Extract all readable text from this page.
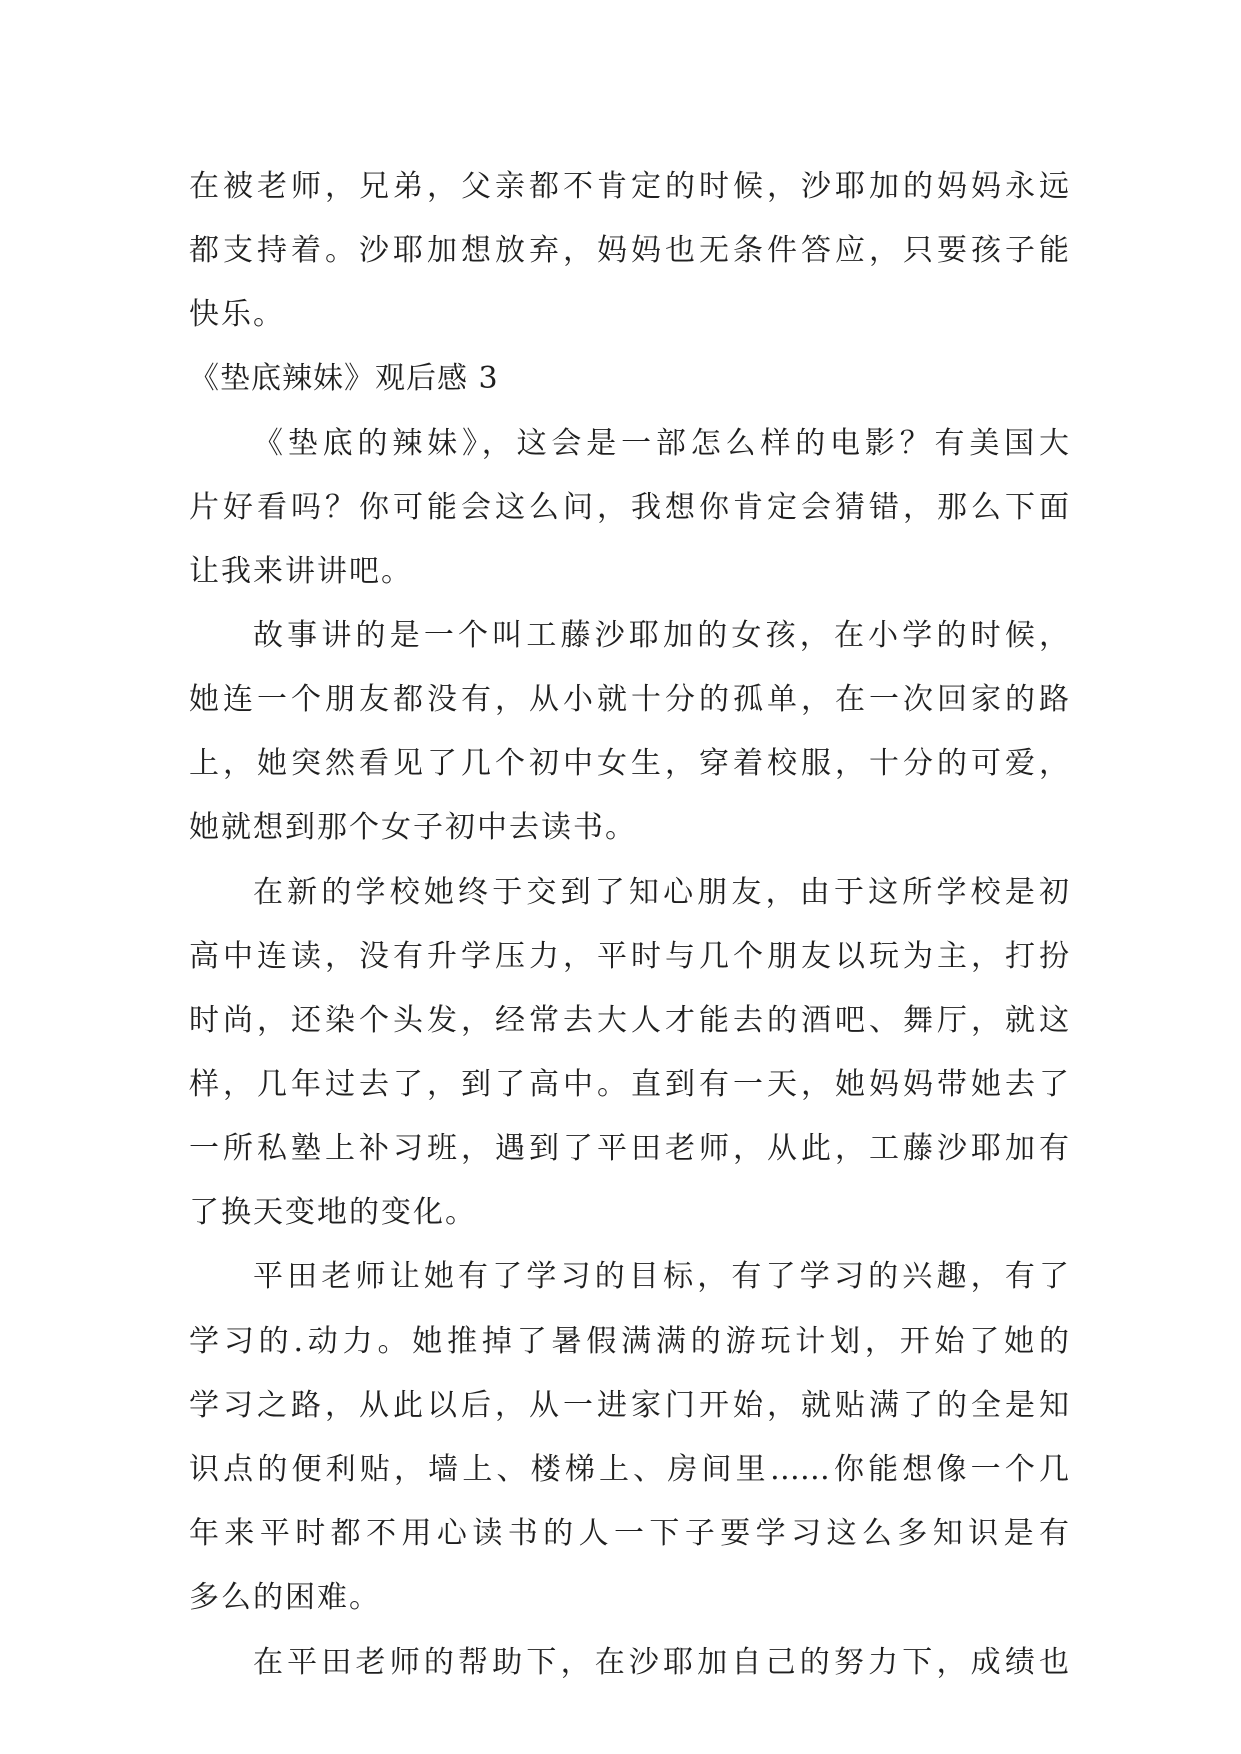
在被老师，兄弟，父亲都不肯定的时候，沙耶加的妈妈永远
都支持着。沙耶加想放弃，妈妈也无条件答应，只要孩子能
快乐。
《垫底辣妹》观后感 3
《垫底的辣妹》，这会是一部怎么样的电影？有美国大
片好看吗？你可能会这么问，我想你肯定会猜错，那么下面
让我来讲讲吧。
故事讲的是一个叫工藤沙耶加的女孩，在小学的时候，
她连一个朋友都没有，从小就十分的孤单，在一次回家的路
上，她突然看见了几个初中女生，穿着校服，十分的可爱，
她就想到那个女子初中去读书。
在新的学校她终于交到了知心朋友，由于这所学校是初
高中连读，没有升学压力，平时与几个朋友以玩为主，打扮
时尚，还染个头发，经常去大人才能去的酒吧、舞厅，就这
样，几年过去了，到了高中。直到有一天，她妈妈带她去了
一所私塾上补习班，遇到了平田老师，从此，工藤沙耶加有
了换天变地的变化。
平田老师让她有了学习的目标，有了学习的兴趣，有了
学习的.动力。她推掉了暑假满满的游玩计划，开始了她的
学习之路，从此以后，从一进家门开始，就贴满了的全是知
识点的便利贴，墙上、楼梯上、房间里……你能想像一个几
年来平时都不用心读书的人一下子要学习这么多知识是有
多么的困难。
在平田老师的帮助下，在沙耶加自己的努力下，成绩也
